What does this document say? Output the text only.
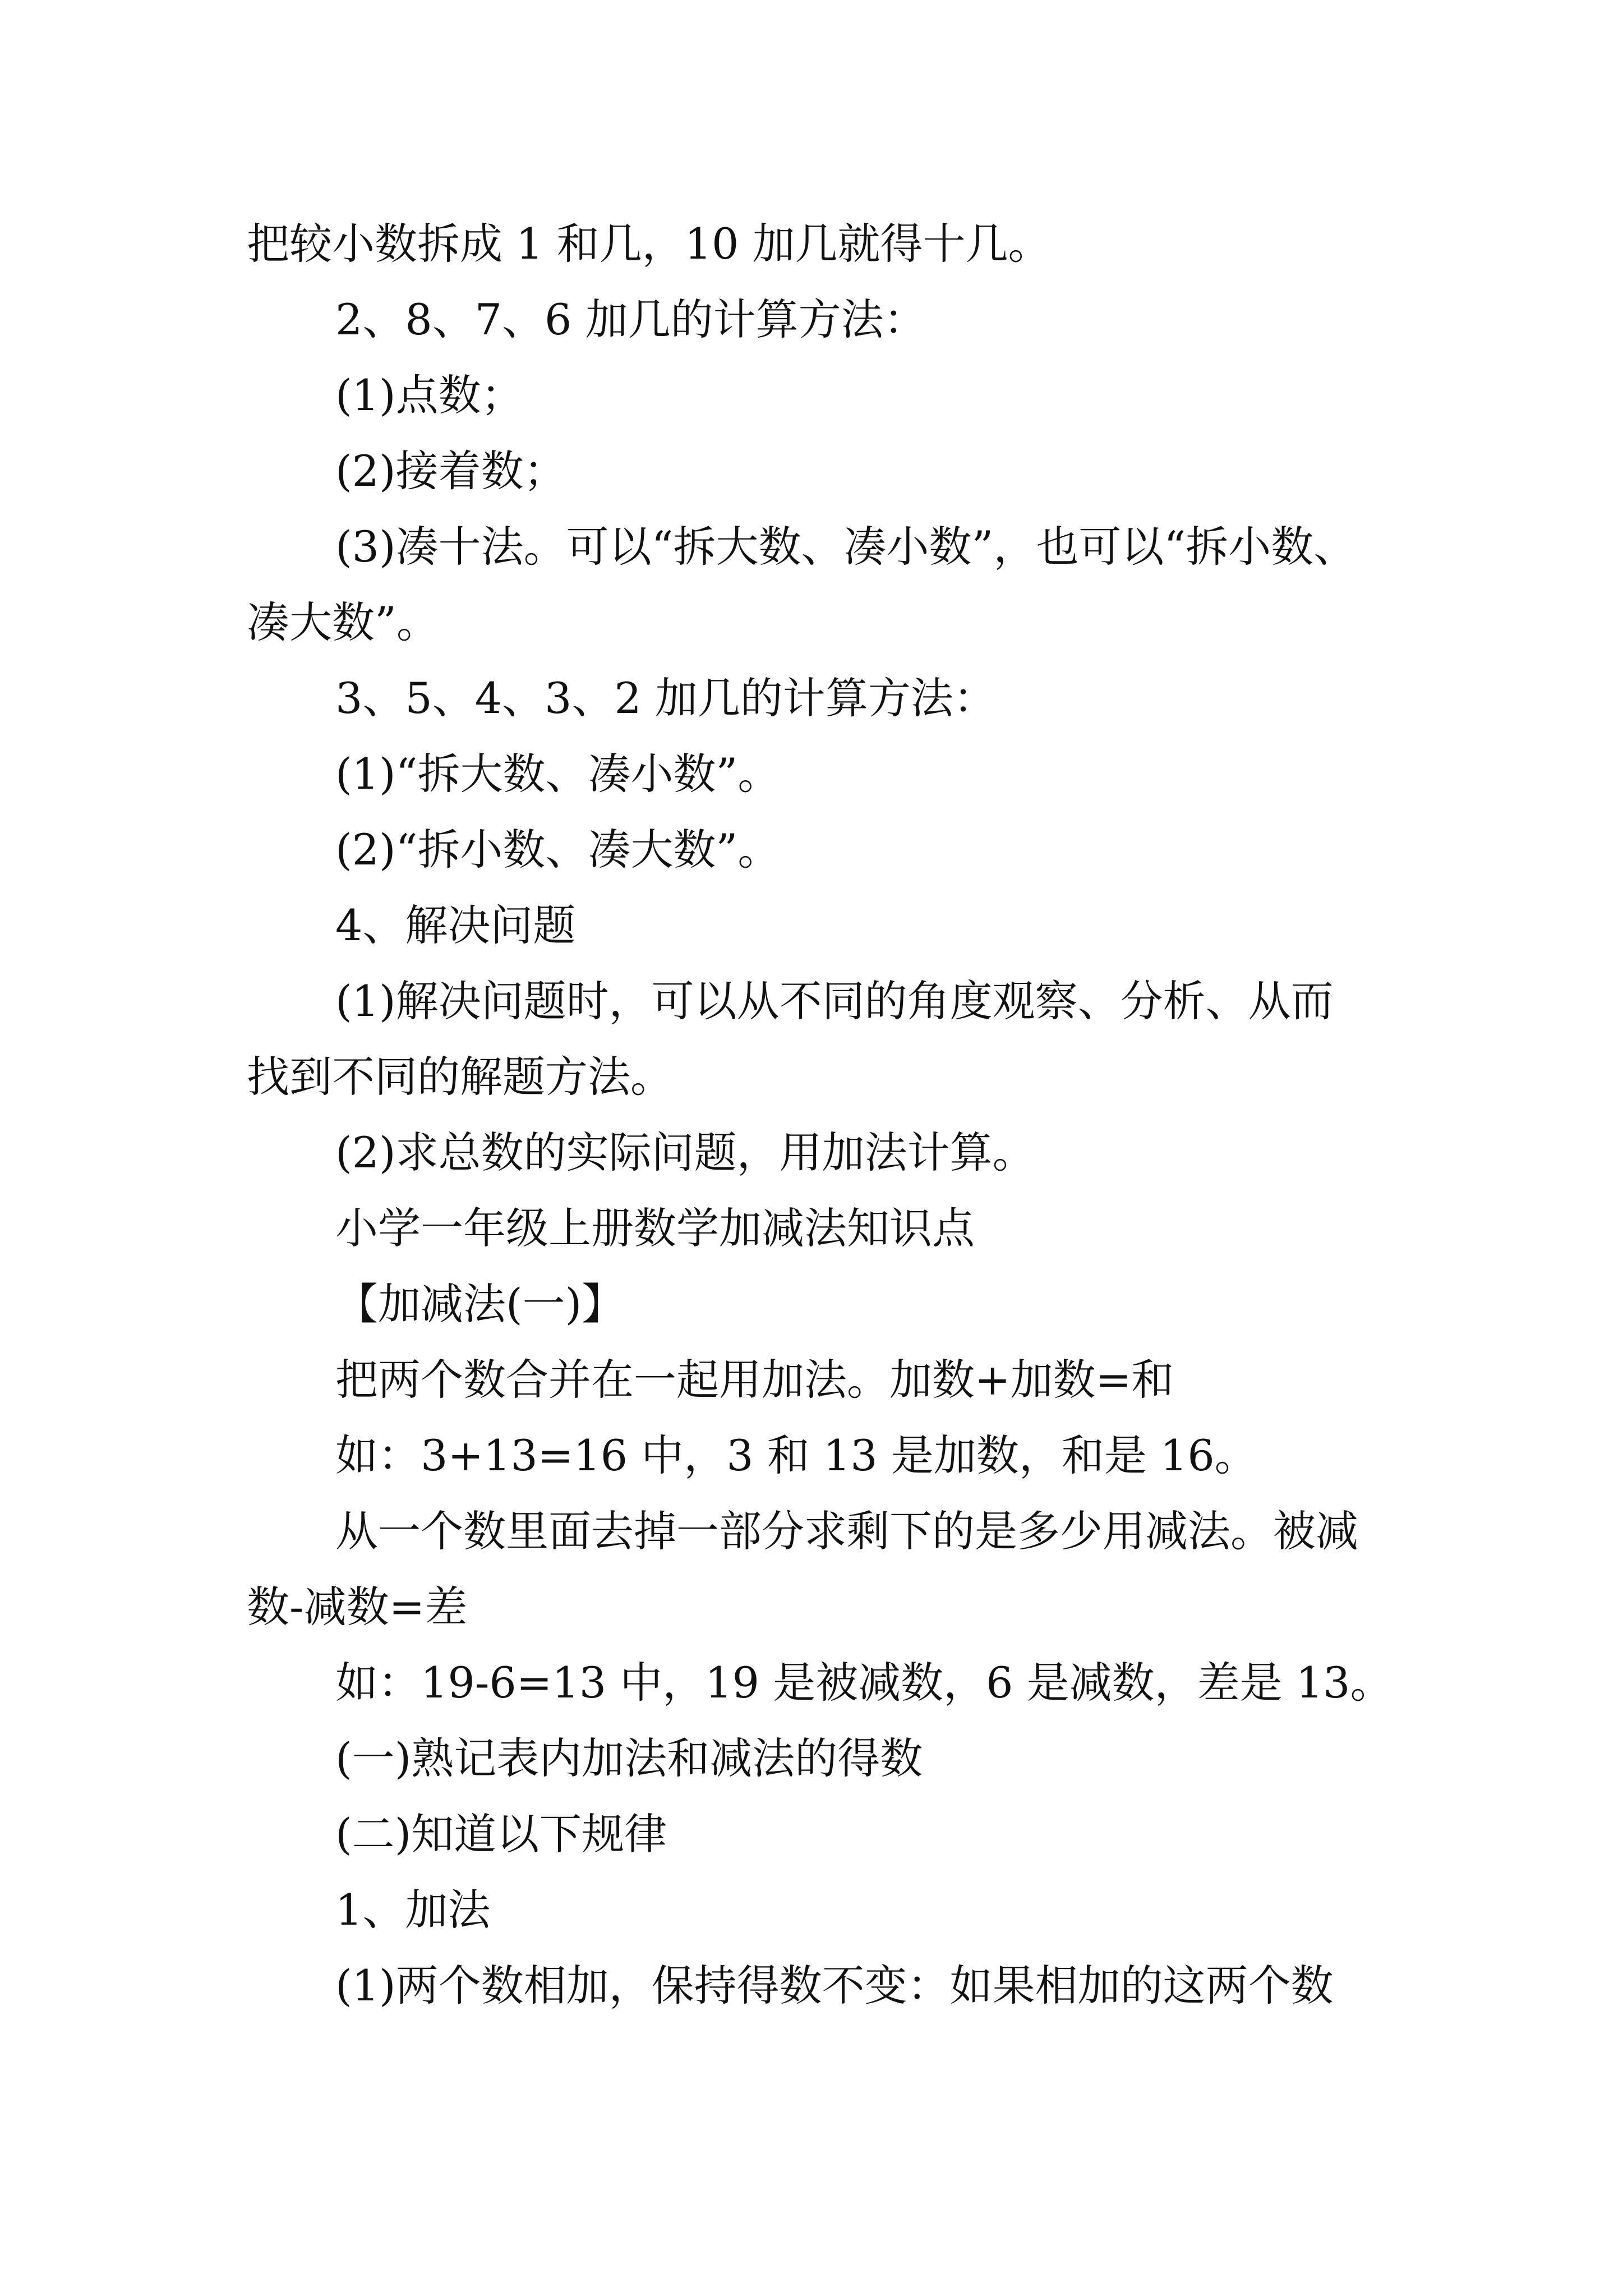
把较小数拆成 1 和几，10 加几就得十几。

2、8、7、6 加几的计算方法：

(1)点数；

(2)接着数；

(3)凑十法。可以“拆大数、凑小数”，也可以“拆小数、

凑大数”。

3、5、4、3、2 加几的计算方法：

(1)“拆大数、凑小数”。

(2)“拆小数、凑大数”。

4、解决问题

(1)解决问题时，可以从不同的角度观察、分析、从而

找到不同的解题方法。

(2)求总数的实际问题，用加法计算。

小学一年级上册数学加减法知识点

【加减法(一)】

把两个数合并在一起用加法。加数+加数=和

如：3+13=16 中，3 和 13 是加数，和是 16。

从一个数里面去掉一部分求剩下的是多少用减法。被减

数-减数=差

如：19-6=13 中，19 是被减数，6 是减数，差是 13。

(一)熟记表内加法和减法的得数

(二)知道以下规律

1、加法

(1)两个数相加，保持得数不变：如果相加的这两个数
